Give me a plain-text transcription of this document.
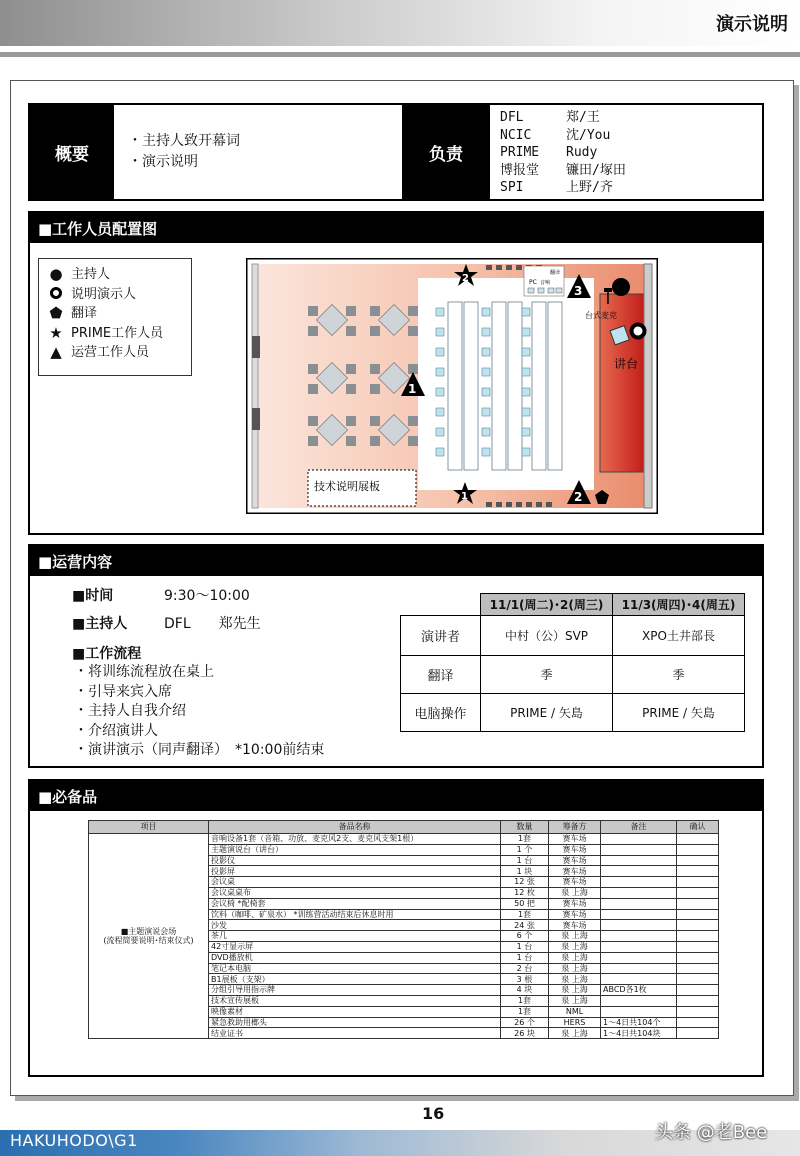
演示说明
概要
・主持人致开幕词
・演示说明	负责
DFL	郑/王
NCIC	沈/You
PRIME	Rudy
博报堂	镰田/塚田
SPI	上野/齐
■工作人员配置图
● 主持人
说明演示人
⬟ 翻译
★ PRIME工作人员
▲ 运营工作人员
PC 音响
翻译
技术说明展板
1
2
3
2
1
台式麦克
讲台
■运营内容
■时间	9:30～10:00
■主持人	DFL　　郑先生
■工作流程
・将训练流程放在桌上
・引导来宾入席
・主持人自我介绍
・介绍演讲人
・演讲演示（同声翻译）　*10:00前结束
	11/1(周二)･2(周三)	11/3(周四)･4(周五)
演讲者	中村（公）SVP	XPO土井部長
翻译	季	季
电脑操作	PRIME / 矢島	PRIME / 矢島
■必备品
项目	备品名称	数量	筹备方	备注	确认

■主题演说会场
(流程简要说明･结束仪式)	音响设备1套（音箱、功放、麦克风2支、麦克风支架1根）	1套	赛车场		
	主题演说台（讲台）	1 个	赛车场		
	投影仪	1 台	赛车场		
	投影屏	1 块	赛车场		
	会议桌	12 张	赛车场		
	会议桌桌布	12 枚	泉 上海		
	会议椅 *配椅套	50 把	赛车场		
	饮料（咖啡、矿泉水） *训练营活动结束后休息时用	1套	赛车场		
	沙发	24 张	赛车场		
	茶几	6 个	泉 上海		
	42寸显示屏	1 台	泉 上海		
	DVD播放机	1 台	泉 上海		
	笔记本电脑	2 台	泉 上海		
	B1展板（支架）	3 根	泉 上海		
	分组引导用指示牌	4 块	泉 上海	ABCD各1枚	
	技术宣传展板	1套	泉 上海		
	映像素材	1套	NML		
	紧急救助用榔头	26 个	HERS	1～4日共104个	
	结业证书	26 块	泉 上海	1～4日共104块	
16
HAKUHODO\G1	头条 @老Bee
